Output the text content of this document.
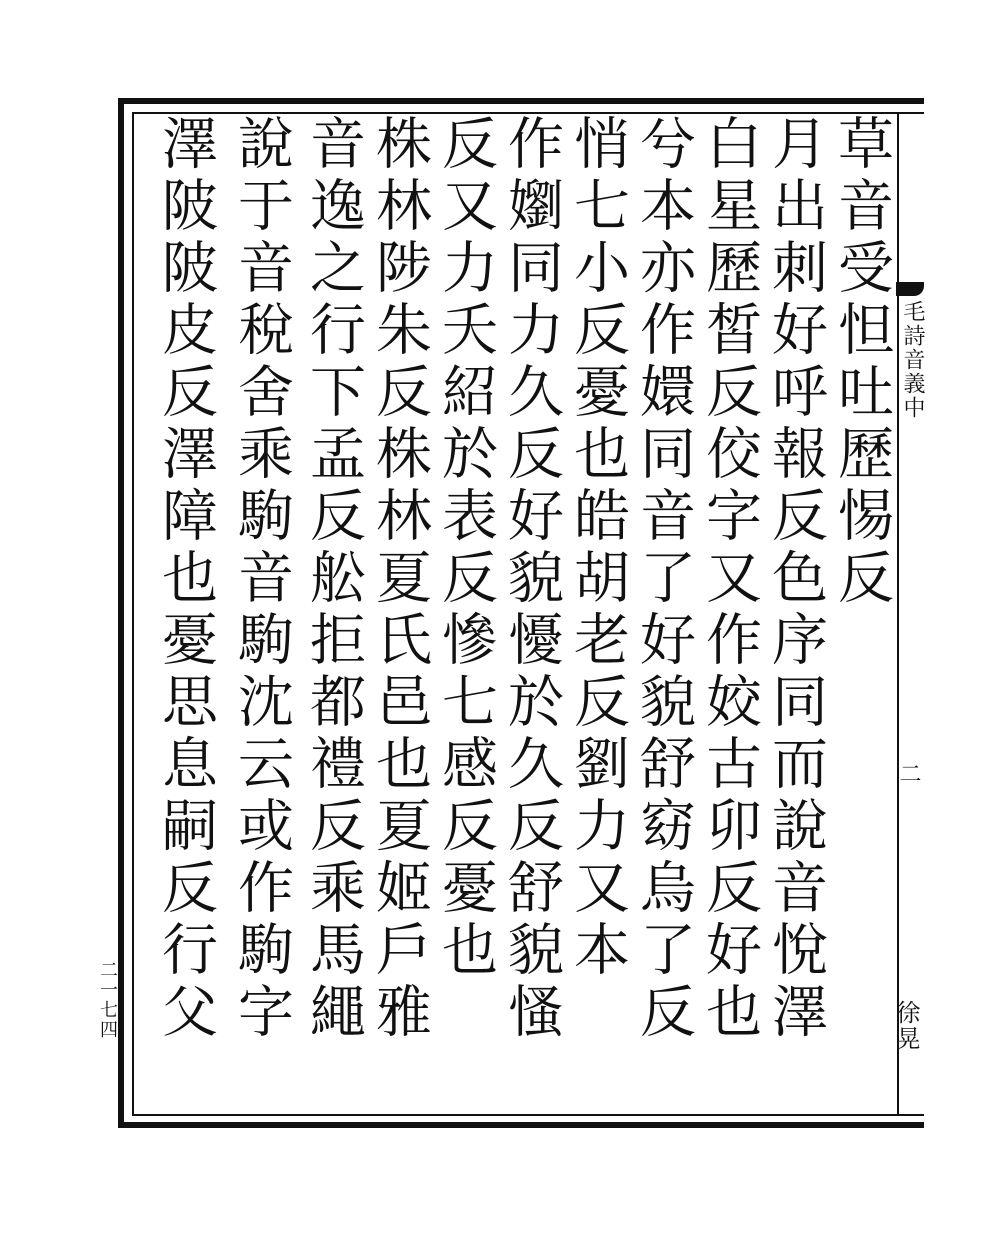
毛詩音義中
二
徐晃
二一七四
草音受怛吐歷惕反
月出刺好呼報反色序同而說音悅澤
白星歷皙反佼字又作姣古卯反好也
兮本亦作嬛同音了好貌舒窈烏了反
悄七小反憂也皓胡老反劉力又本
作嬼同力久反好貌懮於久反舒貌慅
反又力夭紹於表反慘七感反憂也
株林陟朱反株林夏氏邑也夏姬戶雅
音逸之行下孟反舩拒都禮反乘馬繩
說于音稅舍乘駒音駒沈云或作駒字
澤陂陂皮反澤障也憂思息嗣反行父
